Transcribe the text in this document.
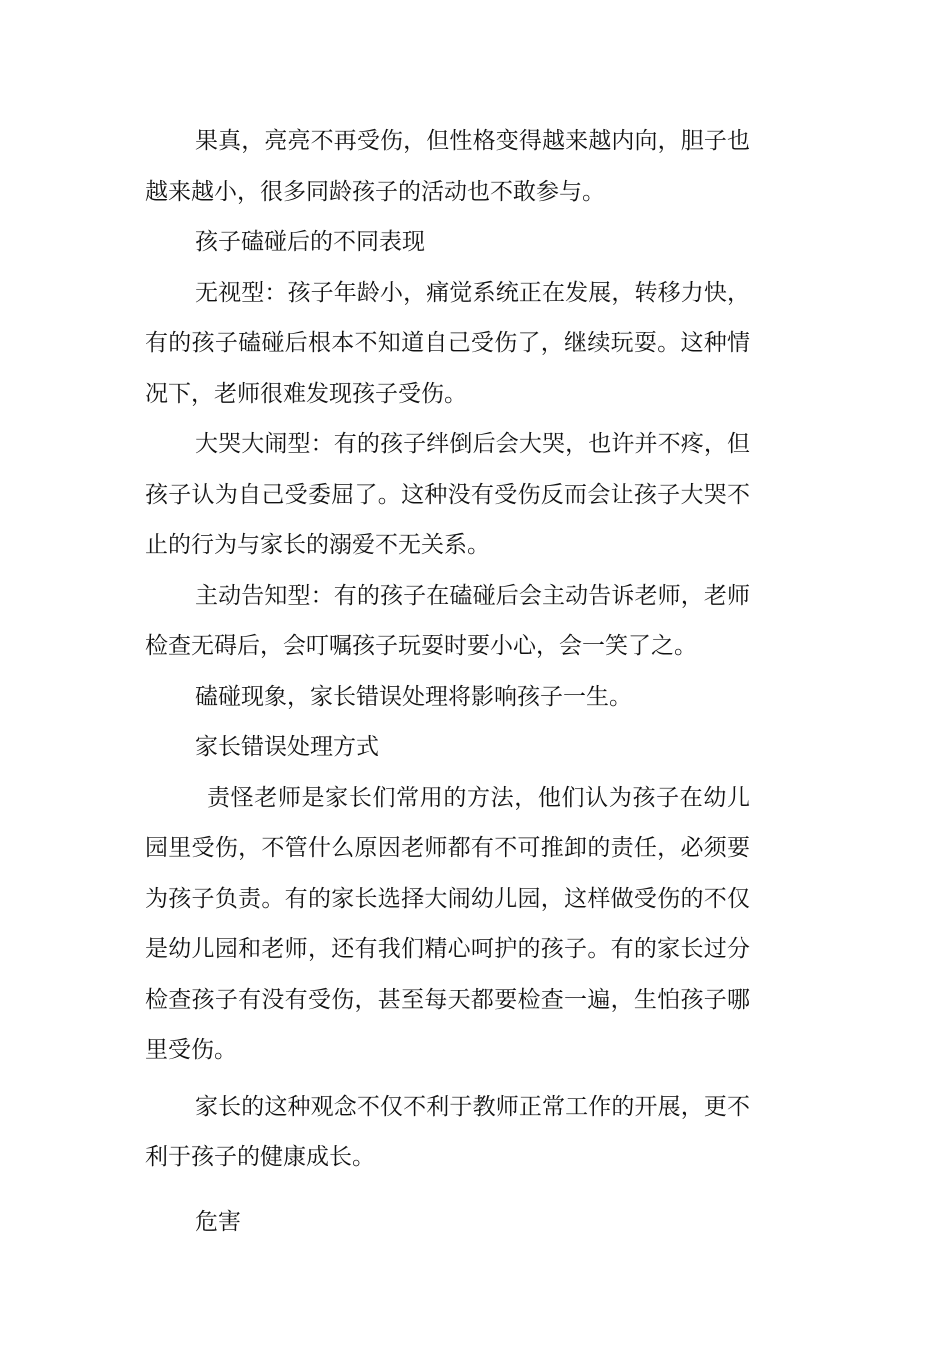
果真，亮亮不再受伤，但性格变得越来越内向，胆子也越来越小，很多同龄孩子的活动也不敢参与。

孩子磕碰后的不同表现

无视型：孩子年龄小，痛觉系统正在发展，转移力快，有的孩子磕碰后根本不知道自己受伤了，继续玩耍。这种情况下，老师很难发现孩子受伤。

大哭大闹型：有的孩子绊倒后会大哭，也许并不疼，但孩子认为自己受委屈了。这种没有受伤反而会让孩子大哭不止的行为与家长的溺爱不无关系。

主动告知型：有的孩子在磕碰后会主动告诉老师，老师检查无碍后，会叮嘱孩子玩耍时要小心，会一笑了之。

磕碰现象，家长错误处理将影响孩子一生。

家长错误处理方式

责怪老师是家长们常用的方法，他们认为孩子在幼儿园里受伤，不管什么原因老师都有不可推卸的责任，必须要为孩子负责。有的家长选择大闹幼儿园，这样做受伤的不仅是幼儿园和老师，还有我们精心呵护的孩子。有的家长过分检查孩子有没有受伤，甚至每天都要检查一遍，生怕孩子哪里受伤。

家长的这种观念不仅不利于教师正常工作的开展，更不利于孩子的健康成长。

危害
